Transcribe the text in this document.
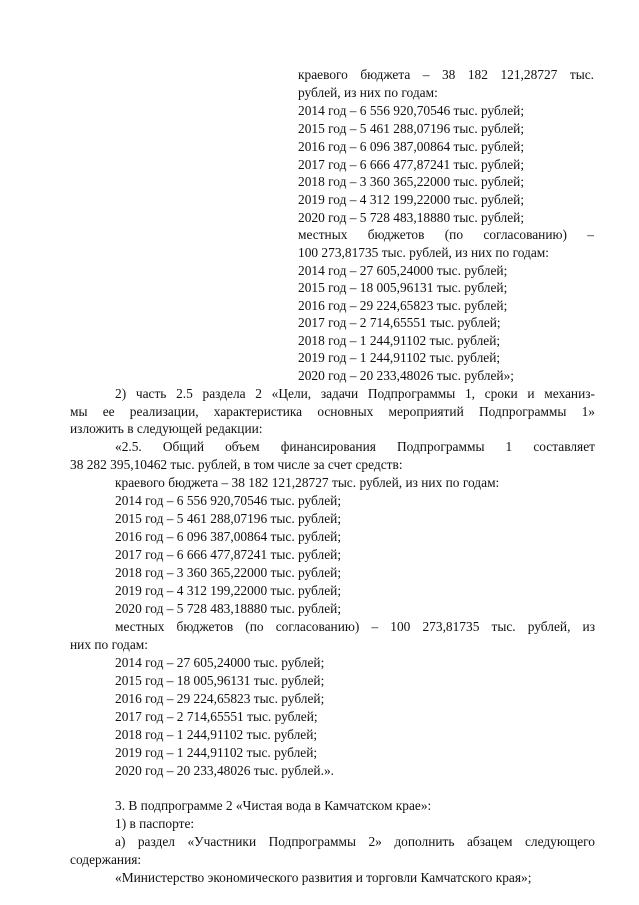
краевого бюджета – 38 182 121,28727 тыс.
рублей, из них по годам:
2014 год – 6 556 920,70546 тыс. рублей;
2015 год – 5 461 288,07196 тыс. рублей;
2016 год – 6 096 387,00864 тыс. рублей;
2017 год – 6 666 477,87241 тыс. рублей;
2018 год – 3 360 365,22000 тыс. рублей;
2019 год – 4 312 199,22000 тыс. рублей;
2020 год – 5 728 483,18880 тыс. рублей;
местных бюджетов (по согласованию) –
100 273,81735 тыс. рублей, из них по годам:
2014 год – 27 605,24000 тыс. рублей;
2015 год – 18 005,96131 тыс. рублей;
2016 год – 29 224,65823 тыс. рублей;
2017 год – 2 714,65551 тыс. рублей;
2018 год – 1 244,91102 тыс. рублей;
2019 год – 1 244,91102 тыс. рублей;
2020 год – 20 233,48026 тыс. рублей»;
2) часть 2.5 раздела 2 «Цели, задачи Подпрограммы 1, сроки и механиз-
мы ее реализации, характеристика основных мероприятий Подпрограммы 1»
изложить в следующей редакции:
«2.5. Общий объем финансирования Подпрограммы 1 составляет
38 282 395,10462 тыс. рублей, в том числе за счет средств:
краевого бюджета – 38 182 121,28727 тыс. рублей, из них по годам:
2014 год – 6 556 920,70546 тыс. рублей;
2015 год – 5 461 288,07196 тыс. рублей;
2016 год – 6 096 387,00864 тыс. рублей;
2017 год – 6 666 477,87241 тыс. рублей;
2018 год – 3 360 365,22000 тыс. рублей;
2019 год – 4 312 199,22000 тыс. рублей;
2020 год – 5 728 483,18880 тыс. рублей;
местных бюджетов (по согласованию) – 100 273,81735 тыс. рублей, из
них по годам:
2014 год – 27 605,24000 тыс. рублей;
2015 год – 18 005,96131 тыс. рублей;
2016 год – 29 224,65823 тыс. рублей;
2017 год – 2 714,65551 тыс. рублей;
2018 год – 1 244,91102 тыс. рублей;
2019 год – 1 244,91102 тыс. рублей;
2020 год – 20 233,48026 тыс. рублей.».
3. В подпрограмме 2 «Чистая вода в Камчатском крае»:
1) в паспорте:
а) раздел «Участники Подпрограммы 2» дополнить абзацем следующего
содержания:
«Министерство экономического развития и торговли Камчатского края»;
